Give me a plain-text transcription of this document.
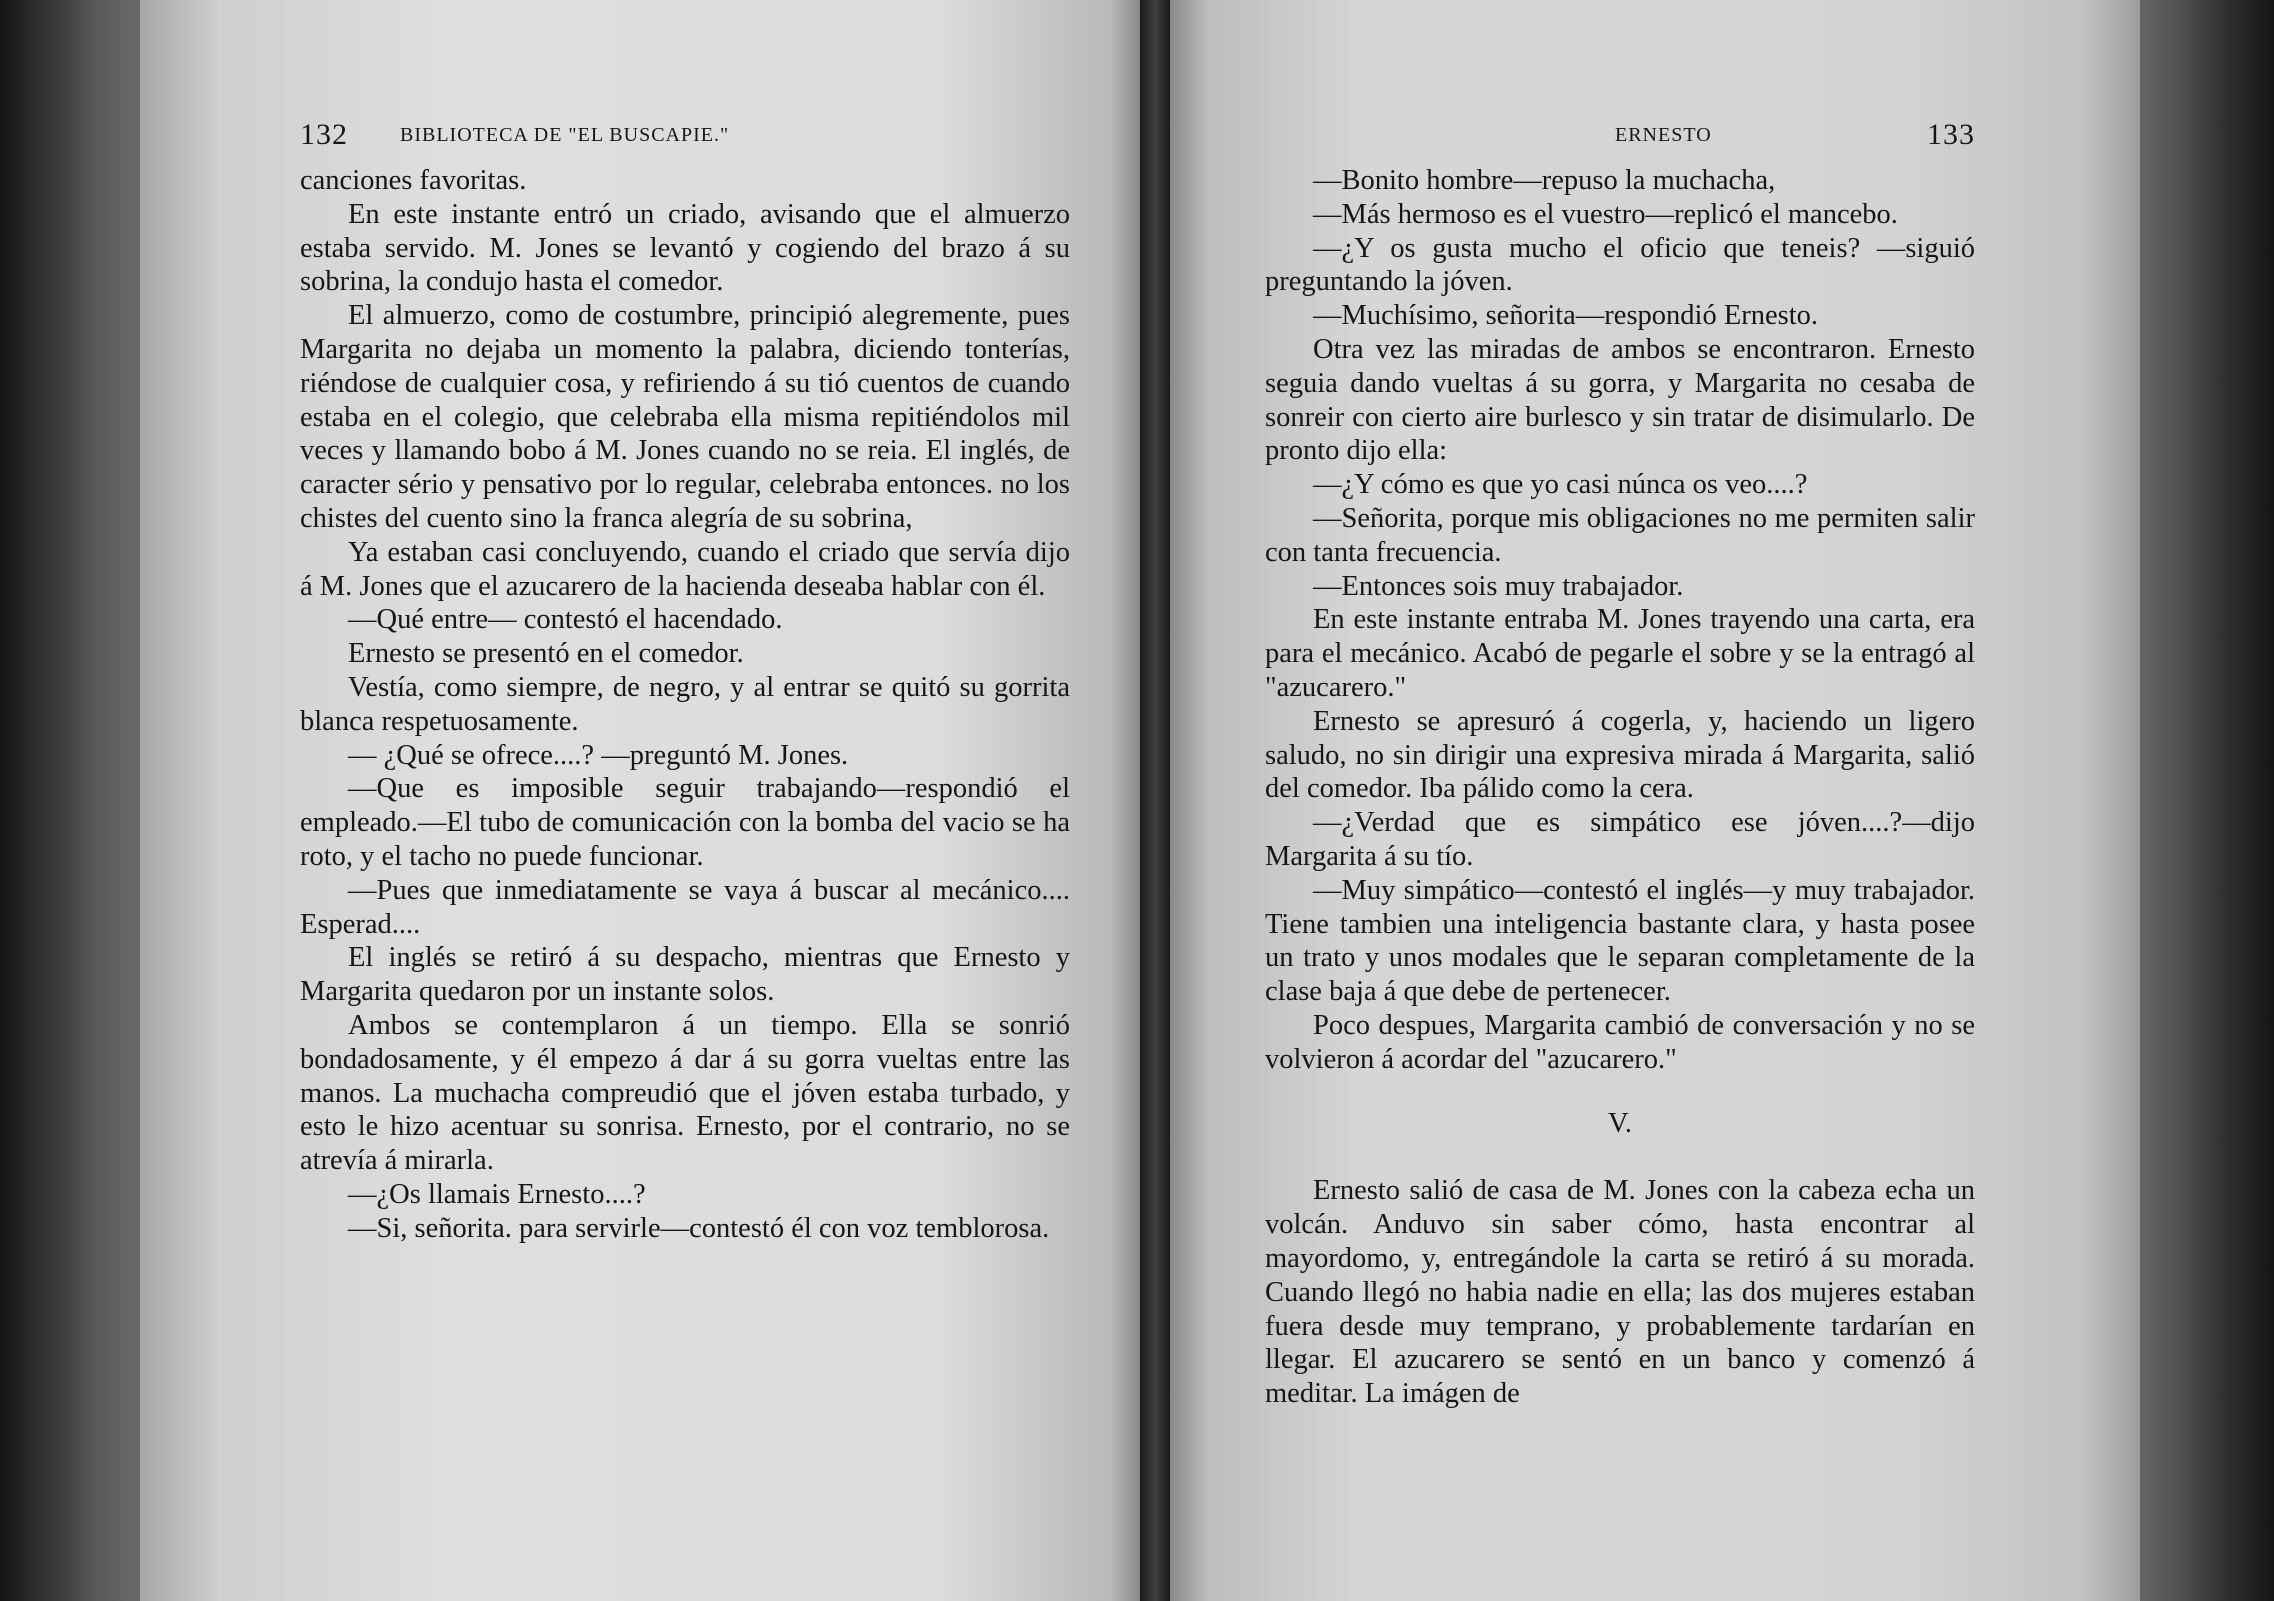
132	BIBLIOTECA DE "EL BUSCAPIE."

canciones favoritas.

En este instante entró un criado, avisando que el almuerzo estaba servido. M. Jones se levantó y cogiendo del brazo á su sobrina, la condujo hasta el comedor.

El almuerzo, como de costumbre, principió alegremente, pues Margarita no dejaba un momento la palabra, diciendo tonterías, riéndose de cualquier cosa, y refiriendo á su tió cuentos de cuando estaba en el colegio, que celebraba ella misma repitiéndolos mil veces y llamando bobo á M. Jones cuando no se reia. El inglés, de caracter sério y pensativo por lo regular, celebraba entonces. no los chistes del cuento sino la franca alegría de su sobrina,

Ya estaban casi concluyendo, cuando el criado que servía dijo á M. Jones que el azucarero de la hacienda deseaba hablar con él.

—Qué entre— contestó el hacendado.

Ernesto se presentó en el comedor.

Vestía, como siempre, de negro, y al entrar se quitó su gorrita blanca respetuosamente.

— ¿Qué se ofrece....? —preguntó M. Jones.

—Que es imposible seguir trabajando—respondió el empleado.—El tubo de comunicación con la bomba del vacio se ha roto, y el tacho no puede funcionar.

—Pues que inmediatamente se vaya á buscar al mecánico.... Esperad....

El inglés se retiró á su despacho, mientras que Ernesto y Margarita quedaron por un instante solos.

Ambos se contemplaron á un tiempo. Ella se sonrió bondadosamente, y él empezo á dar á su gorra vueltas entre las manos. La muchacha compreudió que el jóven estaba turbado, y esto le hizo acentuar su sonrisa. Ernesto, por el contrario, no se atrevía á mirarla.

—¿Os llamais Ernesto....?

—Si, señorita. para servirle—contestó él con voz temblorosa.

ERNESTO	133

—Bonito hombre—repuso la muchacha,

—Más hermoso es el vuestro—replicó el mancebo.

—¿Y os gusta mucho el oficio que teneis? —siguió preguntando la jóven.

—Muchísimo, señorita—respondió Ernesto.

Otra vez las miradas de ambos se encontraron. Ernesto seguia dando vueltas á su gorra, y Margarita no cesaba de sonreir con cierto aire burlesco y sin tratar de disimularlo. De pronto dijo ella:

—¿Y cómo es que yo casi núnca os veo....?

—Señorita, porque mis obligaciones no me permiten salir con tanta frecuencia.

—Entonces sois muy trabajador.

En este instante entraba M. Jones trayendo una carta, era para el mecánico. Acabó de pegarle el sobre y se la entragó al "azucarero."

Ernesto se apresuró á cogerla, y, haciendo un ligero saludo, no sin dirigir una expresiva mirada á Margarita, salió del comedor. Iba pálido como la cera.

—¿Verdad que es simpático ese jóven....?—dijo Margarita á su tío.

—Muy simpático—contestó el inglés—y muy trabajador. Tiene tambien una inteligencia bastante clara, y hasta posee un trato y unos modales que le separan completamente de la clase baja á que debe de pertenecer.

Poco despues, Margarita cambió de conversación y no se volvieron á acordar del "azucarero."

V.

Ernesto salió de casa de M. Jones con la cabeza echa un volcán. Anduvo sin saber cómo, hasta encontrar al mayordomo, y, entregándole la carta se retiró á su morada. Cuando llegó no habia nadie en ella; las dos mujeres estaban fuera desde muy temprano, y probablemente tardarían en llegar. El azucarero se sentó en un banco y comenzó á meditar. La imágen de
